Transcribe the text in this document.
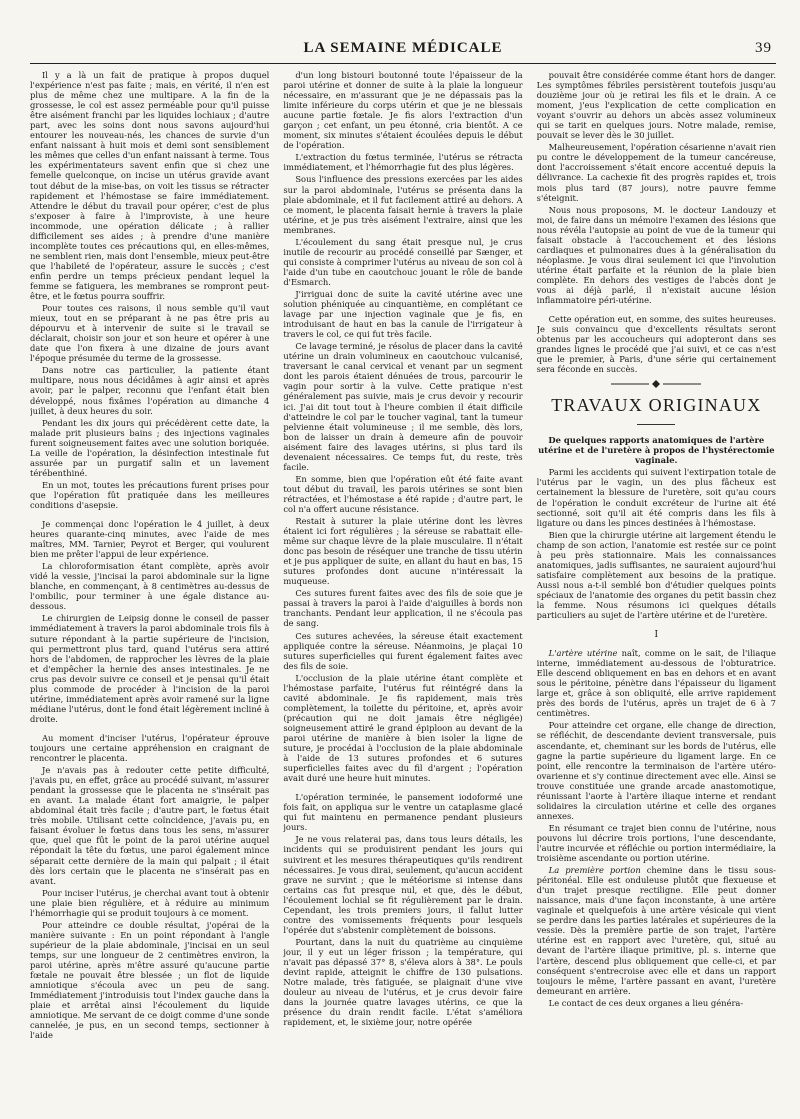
LA SEMAINE MÉDICALE	39

Il y a là un fait de pratique à propos duquel l'expérience n'est pas faite ; mais, en vérité, il n'en est plus de même chez une multipare. A la fin de la grossesse, le col est assez perméable pour qu'il puisse être aisément franchi par les liquides lochiaux ; d'autre part, avec les soins dont nous savons aujourd'hui entourer les nouveau-nés, les chances de survie d'un enfant naissant à huit mois et demi sont sensiblement les mêmes que celles d'un enfant naissant à terme. Tous les expérimentateurs savent enfin que si chez une femelle quelconque, on incise un utérus gravide avant tout début de la mise-bas, on voit les tissus se rétracter rapidement et l'hémostase se faire immédiatement. Attendre le début du travail pour opérer, c'est de plus s'exposer à faire à l'improviste, à une heure incommode, une opération délicate ; à rallier difficilement ses aides ; à prendre d'une manière incomplète toutes ces précautions qui, en elles-mêmes, ne semblent rien, mais dont l'ensemble, mieux peut-être que l'habileté de l'opérateur, assure le succès ; c'est enfin perdre un temps précieux pendant lequel la femme se fatiguera, les membranes se rompront peut-être, et le fœtus pourra souffrir.

Pour toutes ces raisons, il nous semble qu'il vaut mieux, tout en se préparant à ne pas être pris au dépourvu et à intervenir de suite si le travail se déclarait, choisir son jour et son heure et opérer à une date que l'on fixera à une dizaine de jours avant l'époque présumée du terme de la grossesse.

Dans notre cas particulier, la patiente étant multipare, nous nous décidâmes à agir ainsi et après avoir, par le palper, reconnu que l'enfant était bien développé, nous fixâmes l'opération au dimanche 4 juillet, à deux heures du soir.

Pendant les dix jours qui précédèrent cette date, la malade prit plusieurs bains ; des injections vaginales furent soigneusement faites avec une solution boriquée. La veille de l'opération, la désinfection intestinale fut assurée par un purgatif salin et un lavement térébenthiné.

En un mot, toutes les précautions furent prises pour que l'opération fût pratiquée dans les meilleures conditions d'asepsie.

Je commençai donc l'opération le 4 juillet, à deux heures quarante-cinq minutes, avec l'aide de mes maîtres, MM. Tarnier, Peyrot et Berger, qui voulurent bien me prêter l'appui de leur expérience.

La chloroformisation étant complète, après avoir vidé la vessie, j'incisai la paroi abdominale sur la ligne blanche, en commençant, à 8 centimètres au-dessus de l'ombilic, pour terminer à une égale distance au-dessous.

Le chirurgien de Leipsig donne le conseil de passer immédiatement à travers la paroi abdominale trois fils à suture répondant à la partie supérieure de l'incision, qui permettront plus tard, quand l'utérus sera attiré hors de l'abdomen, de rapprocher les lèvres de la plaie et d'empêcher la hernie des anses intestinales. Je ne crus pas devoir suivre ce conseil et je pensai qu'il était plus commode de procéder à l'incision de la paroi utérine, immédiatement après avoir ramené sur la ligne médiane l'utérus, dont le fond était légèrement incliné à droite.

Au moment d'inciser l'utérus, l'opérateur éprouve toujours une certaine appréhension en craignant de rencontrer le placenta.

Je n'avais pas à redouter cette petite difficulté, j'avais pu, en effet, grâce au procédé suivant, m'assurer pendant la grossesse que le placenta ne s'insérait pas en avant. La malade étant fort amaigrie, le palper abdominal était très facile ; d'autre part, le fœtus était très mobile. Utilisant cette coïncidence, j'avais pu, en faisant évoluer le fœtus dans tous les sens, m'assurer que, quel que fût le point de la paroi utérine auquel répondait la tête du fœtus, une paroi également mince séparait cette dernière de la main qui palpait ; il était dès lors certain que le placenta ne s'insérait pas en avant.

Pour inciser l'utérus, je cherchai avant tout à obtenir une plaie bien régulière, et à réduire au minimum l'hémorrhagie qui se produit toujours à ce moment.

Pour atteindre ce double résultat, j'opérai de la manière suivante : En un point répondant à l'angle supérieur de la plaie abdominale, j'incisai en un seul temps, sur une longueur de 2 centimètres environ, la paroi utérine, après m'être assuré qu'aucune partie fœtale ne pouvait être blessée ; un flot de liquide amniotique s'écoula avec un peu de sang. Immédiatement j'introduisis tout l'index gauche dans la plaie et arrêtai ainsi l'écoulement du liquide amniotique. Me servant de ce doigt comme d'une sonde cannelée, je pus, en un second temps, sectionner à l'aide

d'un long bistouri boutonné toute l'épaisseur de la paroi utérine et donner de suite à la plaie la longueur nécessaire, en m'assurant que je ne dépassais pas la limite inférieure du corps utérin et que je ne blessais aucune partie fœtale. Je fis alors l'extraction d'un garçon ; cet enfant, un peu étonné, cria bientôt. A ce moment, six minutes s'étaient écoulées depuis le début de l'opération.

L'extraction du fœtus terminée, l'utérus se rétracta immédiatement, et l'hémorrhagie fut des plus légères.

Sous l'influence des pressions exercées par les aides sur la paroi abdominale, l'utérus se présenta dans la plaie abdominale, et il fut facilement attiré au dehors. A ce moment, le placenta faisait hernie à travers la plaie utérine, et je pus très aisément l'extraire, ainsi que les membranes.

L'écoulement du sang était presque nul, je crus inutile de recourir au procédé conseillé par Sænger, et qui consiste à comprimer l'utérus au niveau de son col à l'aide d'un tube en caoutchouc jouant le rôle de bande d'Esmarch.

J'irriguai donc de suite la cavité utérine avec une solution phéniquée au cinquantième, en complétant ce lavage par une injection vaginale que je fis, en introduisant de haut en bas la canule de l'irrigateur à travers le col, ce qui fut très facile.

Ce lavage terminé, je résolus de placer dans la cavité utérine un drain volumineux en caoutchouc vulcanisé, traversant le canal cervical et venant par un segment dont les parois étaient dénuées de trous, parcourir le vagin pour sortir à la vulve. Cette pratique n'est généralement pas suivie, mais je crus devoir y recourir ici. J'ai dit tout tout à l'heure combien il était difficile d'atteindre le col par le toucher vaginal, tant la tumeur pelvienne était volumineuse ; il me semble, dès lors, bon de laisser un drain à demeure afin de pouvoir aisément faire des lavages utérins, si plus tard ils devenaient nécessaires. Ce temps fut, du reste, très facile.

En somme, bien que l'opération eût été faite avant tout début du travail, les parois utérines se sont bien rétractées, et l'hémostase a été rapide ; d'autre part, le col n'a offert aucune résistance.

Restait à suturer la plaie utérine dont les lèvres étaient ici fort régulières ; la séreuse se rabattait elle-même sur chaque lèvre de la plaie musculaire. Il n'était donc pas besoin de réséquer une tranche de tissu utérin et je pus appliquer de suite, en allant du haut en bas, 15 sutures profondes dont aucune n'intéressait la muqueuse.

Ces sutures furent faites avec des fils de soie que je passai à travers la paroi à l'aide d'aiguilles à bords non tranchants. Pendant leur application, il ne s'écoula pas de sang.

Ces sutures achevées, la séreuse était exactement appliquée contre la séreuse. Néanmoins, je plaçai 10 sutures superficielles qui furent également faites avec des fils de soie.

L'occlusion de la plaie utérine étant complète et l'hémostase parfaite, l'utérus fut réintégré dans la cavité abdominale. Je fis rapidement, mais très complètement, la toilette du péritoine, et, après avoir (précaution qui ne doit jamais être négligée) soigneusement attiré le grand épiploon au devant de la paroi utérine de manière à bien isoler la ligne de suture, je procédai à l'occlusion de la plaie abdominale à l'aide de 13 sutures profondes et 6 sutures superficielles faites avec du fil d'argent ; l'opération avait duré une heure huit minutes.

L'opération terminée, le pansement iodoformé une fois fait, on appliqua sur le ventre un cataplasme glacé qui fut maintenu en permanence pendant plusieurs jours.

Je ne vous relaterai pas, dans tous leurs détails, les incidents qui se produisirent pendant les jours qui suivirent et les mesures thérapeutiques qu'ils rendirent nécessaires. Je vous dirai, seulement, qu'aucun accident grave ne survint ; que le météorisme si intense dans certains cas fut presque nul, et que, dès le début, l'écoulement lochial se fit régulièrement par le drain. Cependant, les trois premiers jours, il fallut lutter contre des vomissements fréquents pour lesquels l'opérée dut s'abstenir complètement de boissons.

Pourtant, dans la nuit du quatrième au cinquième jour, il y eut un léger frisson ; la température, qui n'avait pas dépassé 37° 8, s'éleva alors à 38°. Le pouls devint rapide, atteignit le chiffre de 130 pulsations. Notre malade, très fatiguée, se plaignait d'une vive douleur au niveau de l'utérus, et je crus devoir faire dans la journée quatre lavages utérins, ce que la présence du drain rendit facile. L'état s'améliora rapidement, et, le sixième jour, notre opérée

pouvait être considérée comme étant hors de danger. Les symptômes fébriles persistèrent toutefois jusqu'au douzième jour où je retirai les fils et le drain. A ce moment, j'eus l'explication de cette complication en voyant s'ouvrir au dehors un abcès assez volumineux qui se tarit en quelques jours. Notre malade, remise, pouvait se lever dès le 30 juillet.

Malheureusement, l'opération césarienne n'avait rien pu contre le développement de la tumeur cancéreuse, dont l'accroissement s'était encore accentué depuis la délivrance. La cachexie fit des progrès rapides et, trois mois plus tard (87 jours), notre pauvre femme s'éteignit.

Nous nous proposons, M. le docteur Landouzy et moi, de faire dans un mémoire l'examen des lésions que nous révéla l'autopsie au point de vue de la tumeur qui faisait obstacle à l'accouchement et des lésions cardiaques et pulmonaires dues à la généralisation du néoplasme. Je vous dirai seulement ici que l'involution utérine était parfaite et la réunion de la plaie bien complète. En dehors des vestiges de l'abcès dont je vous ai déjà parlé, il n'existait aucune lésion inflammatoire péri-utérine.

Cette opération eut, en somme, des suites heureuses. Je suis convaincu que d'excellents résultats seront obtenus par les accoucheurs qui adopteront dans ses grandes lignes le procédé que j'ai suivi, et ce cas n'est que le premier, à Paris, d'une série qui certainement sera féconde en succès.

TRAVAUX ORIGINAUX

De quelques rapports anatomiques de l'artère utérine et de l'uretère à propos de l'hystérectomie vaginale.

Parmi les accidents qui suivent l'extirpation totale de l'utérus par le vagin, un des plus fâcheux est certainement la blessure de l'uretère, soit qu'au cours de l'opération le conduit excréteur de l'urine ait été sectionné, soit qu'il ait été compris dans les fils à ligature ou dans les pinces destinées à l'hémostase.

Bien que la chirurgie utérine ait largement étendu le champ de son action, l'anatomie est restée sur ce point à peu près stationnaire. Mais les connaissances anatomiques, jadis suffisantes, ne sauraient aujourd'hui satisfaire complètement aux besoins de la pratique. Aussi nous a-t-il semblé bon d'étudier quelques points spéciaux de l'anatomie des organes du petit bassin chez la femme. Nous résumons ici quelques détails particuliers au sujet de l'artère utérine et de l'uretère.

I

L'artère utérine naît, comme on le sait, de l'iliaque interne, immédiatement au-dessous de l'obturatrice. Elle descend obliquement en bas en dehors et en avant sous le péritoine, pénètre dans l'épaisseur du ligament large et, grâce à son obliquité, elle arrive rapidement près des bords de l'utérus, après un trajet de 6 à 7 centimètres.

Pour atteindre cet organe, elle change de direction, se réfléchit, de descendante devient transversale, puis ascendante, et, cheminant sur les bords de l'utérus, elle gagne la partie supérieure du ligament large. En ce point, elle rencontre la terminaison de l'artère utéro-ovarienne et s'y continue directement avec elle. Ainsi se trouve constituée une grande arcade anastomotique, réunissant l'aorte à l'artère iliaque interne et rendant solidaires la circulation utérine et celle des organes annexes.

En résumant ce trajet bien connu de l'utérine, nous pouvons lui décrire trois portions, l'une descendante, l'autre incurvée et réfléchie ou portion intermédiaire, la troisième ascendante ou portion utérine.

La première portion chemine dans le tissu sous-péritonéal. Elle est onduleuse plutôt que flexueuse et d'un trajet presque rectiligne. Elle peut donner naissance, mais d'une façon inconstante, à une artère vaginale et quelquefois à une artère vésicale qui vient se perdre dans les parties latérales et supérieures de la vessie. Dès la première partie de son trajet, l'artère utérine est en rapport avec l'uretère, qui, situé au devant de l'artère iliaque primitive, pl. s. interne que l'artère, descend plus obliquement que celle-ci, et par conséquent s'entrecroise avec elle et dans un rapport toujours le même, l'artère passant en avant, l'uretère demeurant en arrière.

Le contact de ces deux organes a lieu généra-
